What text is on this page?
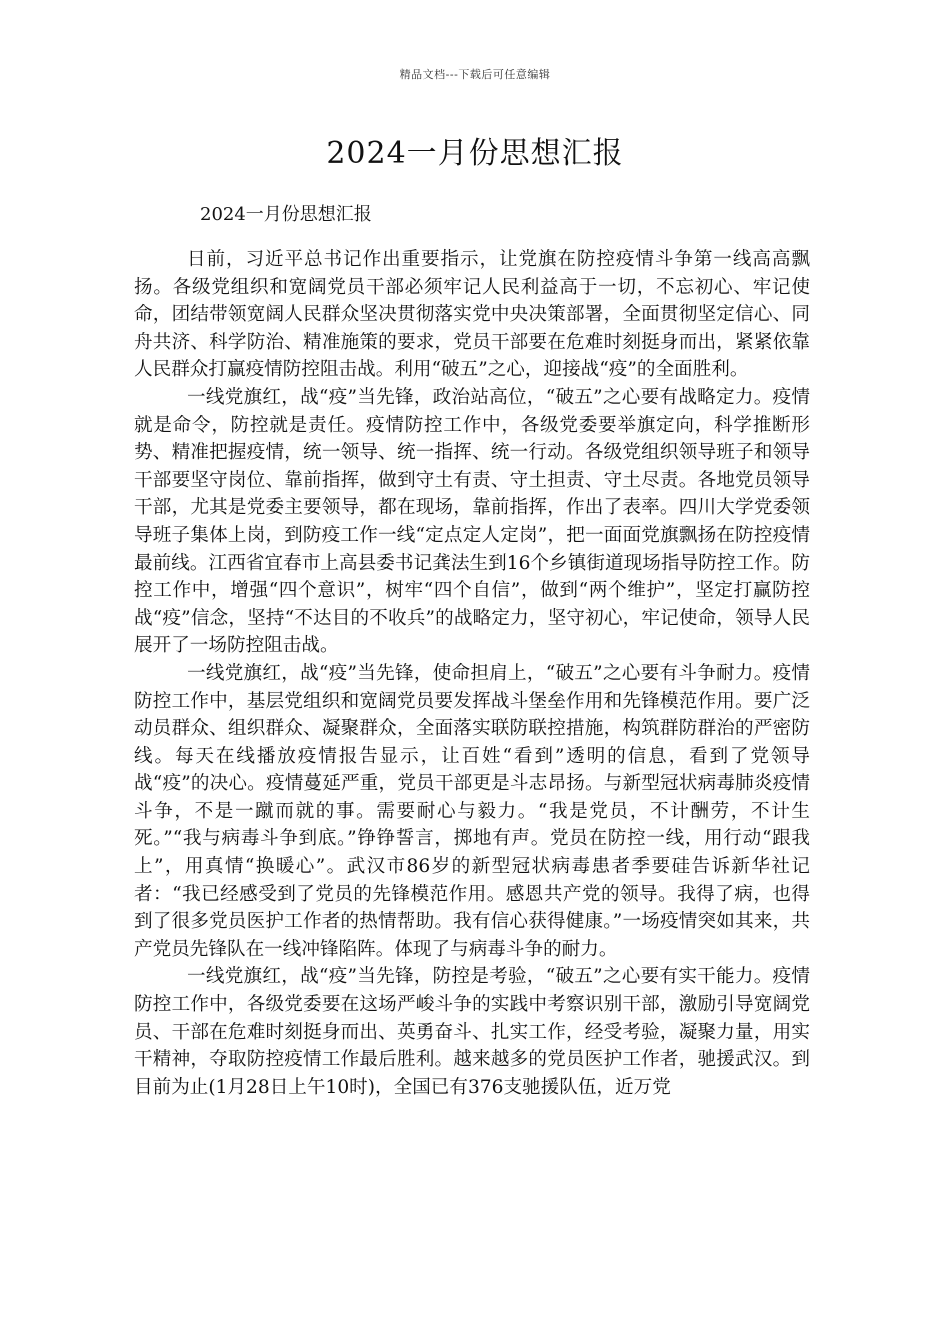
精品文档---下载后可任意编辑
2024一月份思想汇报
2024一月份思想汇报

日前，习近平总书记作出重要指示，让党旗在防控疫情斗争第一线高高飘扬。各级党组织和宽阔党员干部必须牢记人民利益高于一切，不忘初心、牢记使命，团结带领宽阔人民群众坚决贯彻落实党中央决策部署，全面贯彻坚定信心、同舟共济、科学防治、精准施策的要求，党员干部要在危难时刻挺身而出，紧紧依靠人民群众打赢疫情防控阻击战。利用“破五”之心，迎接战“疫”的全面胜利。

一线党旗红，战“疫”当先锋，政治站高位，“破五”之心要有战略定力。疫情就是命令，防控就是责任。疫情防控工作中，各级党委要举旗定向，科学推断形势、精准把握疫情，统一领导、统一指挥、统一行动。各级党组织领导班子和领导干部要坚守岗位、靠前指挥，做到守土有责、守土担责、守土尽责。各地党员领导干部，尤其是党委主要领导，都在现场，靠前指挥，作出了表率。四川大学党委领导班子集体上岗，到防疫工作一线“定点定人定岗”，把一面面党旗飘扬在防控疫情最前线。江西省宜春市上高县委书记龚法生到16个乡镇街道现场指导防控工作。防控工作中，增强“四个意识”，树牢“四个自信”，做到“两个维护”，坚定打赢防控战“疫”信念，坚持“不达目的不收兵”的战略定力，坚守初心，牢记使命，领导人民展开了一场防控阻击战。

一线党旗红，战“疫”当先锋，使命担肩上，“破五”之心要有斗争耐力。疫情防控工作中，基层党组织和宽阔党员要发挥战斗堡垒作用和先锋模范作用。要广泛动员群众、组织群众、凝聚群众，全面落实联防联控措施，构筑群防群治的严密防线。每天在线播放疫情报告显示，让百姓“看到”透明的信息，看到了党领导战“疫”的决心。疫情蔓延严重，党员干部更是斗志昂扬。与新型冠状病毒肺炎疫情斗争，不是一蹴而就的事。需要耐心与毅力。“我是党员，不计酬劳，不计生死。”“我与病毒斗争到底。”铮铮誓言，掷地有声。党员在防控一线，用行动“跟我上”，用真情“换暖心”。武汉市86岁的新型冠状病毒患者季要硅告诉新华社记者：“我已经感受到了党员的先锋模范作用。感恩共产党的领导。我得了病，也得到了很多党员医护工作者的热情帮助。我有信心获得健康。”一场疫情突如其来，共产党员先锋队在一线冲锋陷阵。体现了与病毒斗争的耐力。

一线党旗红，战“疫”当先锋，防控是考验，“破五”之心要有实干能力。疫情防控工作中，各级党委要在这场严峻斗争的实践中考察识别干部，激励引导宽阔党员、干部在危难时刻挺身而出、英勇奋斗、扎实工作，经受考验，凝聚力量，用实干精神，夺取防控疫情工作最后胜利。越来越多的党员医护工作者，驰援武汉。到目前为止(1月28日上午10时)，全国已有376支驰援队伍，近万党
